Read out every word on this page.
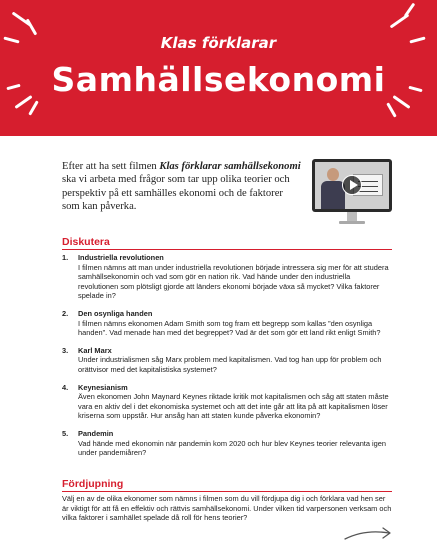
Klas förklarar
Samhällsekonomi

Efter att ha sett filmen Klas förklarar samhällsekonomi ska vi arbeta med frågor som tar upp olika teorier och perspektiv på ett samhälles ekonomi och de faktorer som kan påverka.

Diskutera
1. Industriella revolutionen
I filmen nämns att man under industriella revolutionen började intressera sig mer för att studera samhällsekonomin och vad som gör en nation rik. Vad hände under den industriella revolutionen som plötsligt gjorde att länders ekonomi började växa så mycket? Vilka faktorer spelade in?
2. Den osynliga handen
I filmen nämns ekonomen Adam Smith som tog fram ett begrepp som kallas ”den osynliga handen”. Vad menade han med det begreppet? Vad är det som gör ett land rikt enligt Smith?
3. Karl Marx
Under industrialismen såg Marx problem med kapitalismen. Vad tog han upp för problem och orättvisor med det kapitalistiska systemet?
4. Keynesianism
Även ekonomen John Maynard Keynes riktade kritik mot kapitalismen och såg att staten måste vara en aktiv del i det ekonomiska systemet och att det inte går att lita på att kapitalismen löser kriserna som uppstår. Hur ansåg han att staten kunde påverka ekonomin?
5. Pandemin
Vad hände med ekonomin när pandemin kom 2020 och hur blev Keynes teorier relevanta igen under pandemiåren?
Fördjupning

Välj en av de olika ekonomer som nämns i filmen som du vill fördjupa dig i och förklara vad hen ser är viktigt för att få en effektiv och rättvis samhällsekonomi. Under vilken tid varpersonen verksam och vilka faktorer i samhället spelade då roll för hens teorier?
